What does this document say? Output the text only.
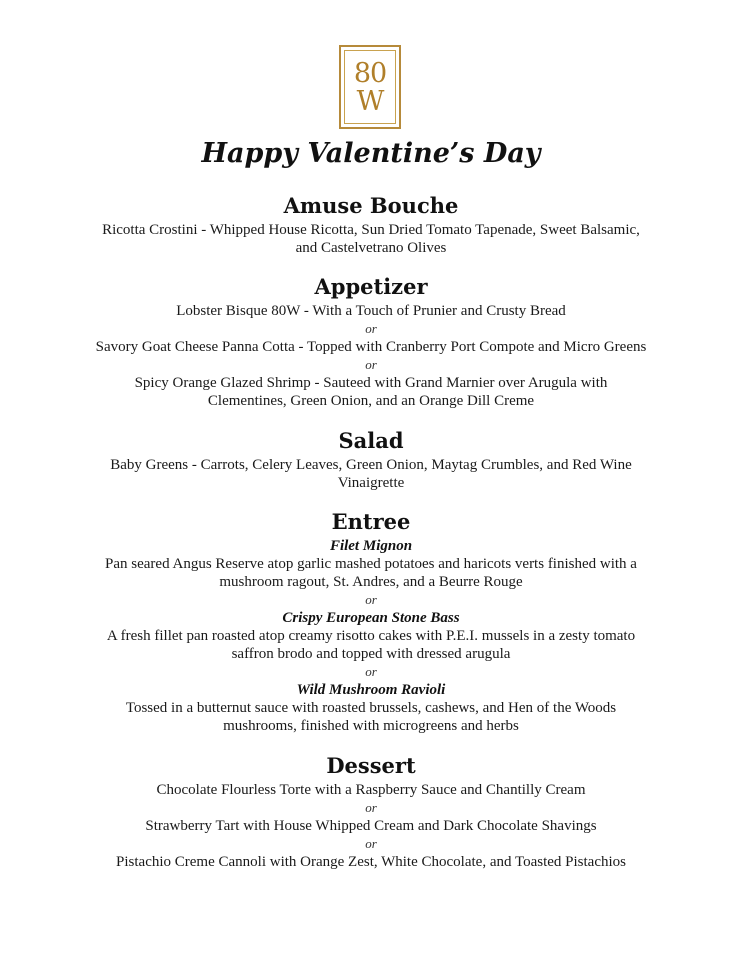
80
W
Happy Valentine’s Day
Amuse Bouche
Ricotta Crostini - Whipped House Ricotta, Sun Dried Tomato Tapenade, Sweet Balsamic,
and Castelvetrano Olives
Appetizer
Lobster Bisque 80W - With a Touch of Prunier and Crusty Bread
or
Savory Goat Cheese Panna Cotta - Topped with Cranberry Port Compote and Micro Greens
or
Spicy Orange Glazed Shrimp - Sauteed with Grand Marnier over Arugula with
Clementines, Green Onion, and an Orange Dill Creme
Salad
Baby Greens - Carrots, Celery Leaves, Green Onion, Maytag Crumbles, and Red Wine
Vinaigrette
Entree
Filet Mignon
Pan seared Angus Reserve atop garlic mashed potatoes and haricots verts finished with a
mushroom ragout, St. Andres, and a Beurre Rouge
or
Crispy European Stone Bass
A fresh fillet pan roasted atop creamy risotto cakes with P.E.I. mussels in a zesty tomato
saffron brodo and topped with dressed arugula
or
Wild Mushroom Ravioli
Tossed in a butternut sauce with roasted brussels, cashews, and Hen of the Woods
mushrooms, finished with microgreens and herbs
Dessert
Chocolate Flourless Torte with a Raspberry Sauce and Chantilly Cream
or
Strawberry Tart with House Whipped Cream and Dark Chocolate Shavings
or
Pistachio Creme Cannoli with Orange Zest, White Chocolate, and Toasted Pistachios
